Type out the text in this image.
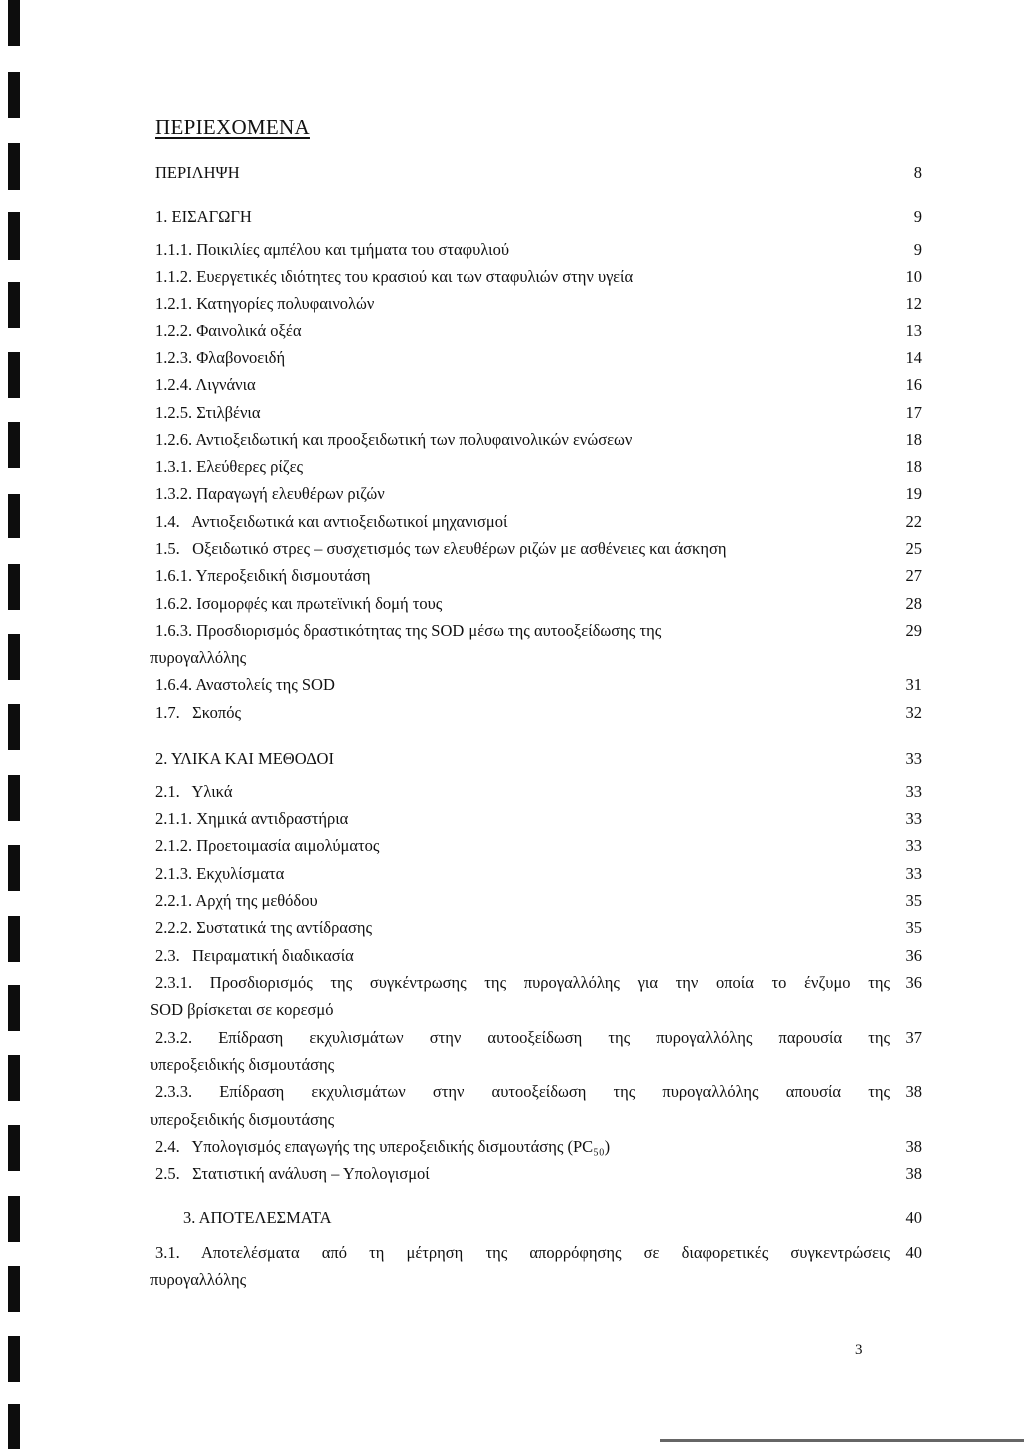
ΠΕΡΙΕΧΟΜΕΝΑ
ΠΕΡΙΛΗΨΗ	8
1. ΕΙΣΑΓΩΓΗ	9
1.1.1. Ποικιλίες αμπέλου και τμήματα του σταφυλιού	9
1.1.2. Ευεργετικές ιδιότητες του κρασιού και των σταφυλιών στην υγεία	10
1.2.1. Κατηγορίες πολυφαινολών	12
1.2.2. Φαινολικά οξέα	13
1.2.3. Φλαβονοειδή	14
1.2.4. Λιγνάνια	16
1.2.5. Στιλβένια	17
1.2.6. Αντιοξειδωτική και προοξειδωτική των πολυφαινολικών ενώσεων	18
1.3.1. Ελεύθερες ρίζες	18
1.3.2. Παραγωγή ελευθέρων ριζών	19
1.4.   Αντιοξειδωτικά και αντιοξειδωτικοί μηχανισμοί	22
1.5.   Οξειδωτικό στρες – συσχετισμός των ελευθέρων ριζών με ασθένειες και άσκηση	25
1.6.1. Υπεροξειδική δισμουτάση	27
1.6.2. Ισομορφές και πρωτεϊνική δομή τους	28
1.6.3. Προσδιορισμός δραστικότητας της SOD μέσω της αυτοοξείδωσης της	29
πυρογαλλόλης
1.6.4. Αναστολείς της SOD	31
1.7.   Σκοπός	32
2. ΥΛΙΚΑ ΚΑΙ ΜΕΘΟΔΟΙ	33
2.1.   Υλικά	33
2.1.1. Χημικά αντιδραστήρια	33
2.1.2. Προετοιμασία αιμολύματος	33
2.1.3. Εκχυλίσματα	33
2.2.1. Αρχή της μεθόδου	35
2.2.2. Συστατικά της αντίδρασης	35
2.3.   Πειραματική διαδικασία	36
2.3.1. Προσδιορισμός της συγκέντρωσης της πυρογαλλόλης για την οποία το ένζυμο της 36
SOD βρίσκεται σε κορεσμό
2.3.2. Επίδραση εκχυλισμάτων στην αυτοοξείδωση της πυρογαλλόλης παρουσία της 37
υπεροξειδικής δισμουτάσης
2.3.3. Επίδραση εκχυλισμάτων στην αυτοοξείδωση της πυρογαλλόλης απουσία της 38
υπεροξειδικής δισμουτάσης
2.4.   Υπολογισμός επαγωγής της υπεροξειδικής δισμουτάσης (PC₅₀)	38
2.5.   Στατιστική ανάλυση – Υπολογισμοί	38
3. ΑΠΟΤΕΛΕΣΜΑΤΑ	40
3.1. Αποτελέσματα από τη μέτρηση της απορρόφησης σε διαφορετικές συγκεντρώσεις 40
πυρογαλλόλης
3
